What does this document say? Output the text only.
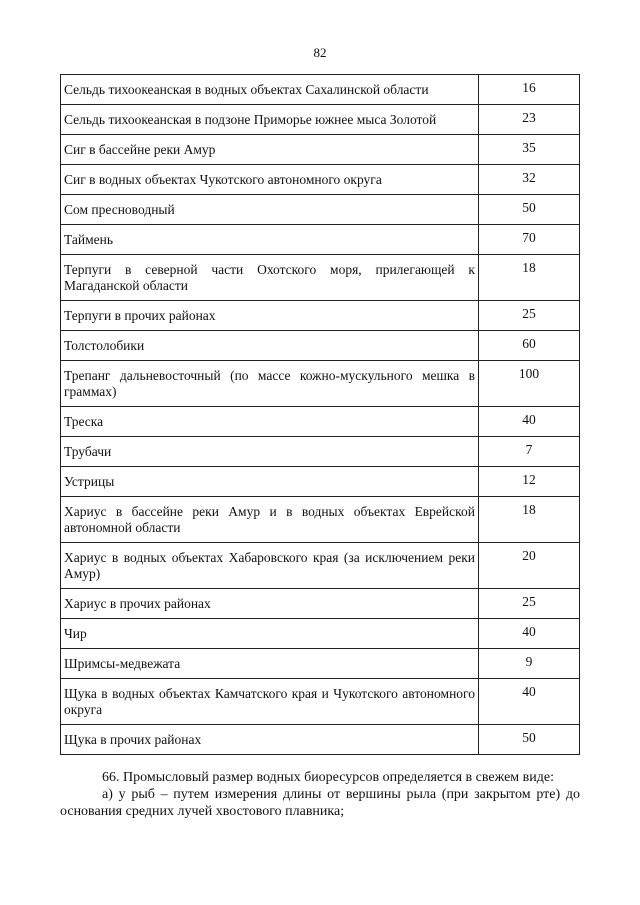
82
Сельдь тихоокеанская в водных объектах Сахалинской области	16
Сельдь тихоокеанская в подзоне Приморье южнее мыса Золотой	23
Сиг в бассейне реки Амур	35
Сиг в водных объектах Чукотского автономного округа	32
Сом пресноводный	50
Таймень	70
Терпуги в северной части Охотского моря, прилегающей к Магаданской области	18
Терпуги в прочих районах	25
Толстолобики	60
Трепанг дальневосточный (по массе кожно-мускульного мешка в граммах)	100
Треска	40
Трубачи	7
Устрицы	12
Хариус в бассейне реки Амур и в водных объектах Еврейской автономной области	18
Хариус в водных объектах Хабаровского края (за исключением реки Амур)	20
Хариус в прочих районах	25
Чир	40
Шримсы-медвежата	9
Щука в водных объектах Камчатского края и Чукотского автономного округа	40
Щука в прочих районах	50

66. Промысловый размер водных биоресурсов определяется в свежем виде:

а) у рыб – путем измерения длины от вершины рыла (при закрытом рте) до основания средних лучей хвостового плавника;
